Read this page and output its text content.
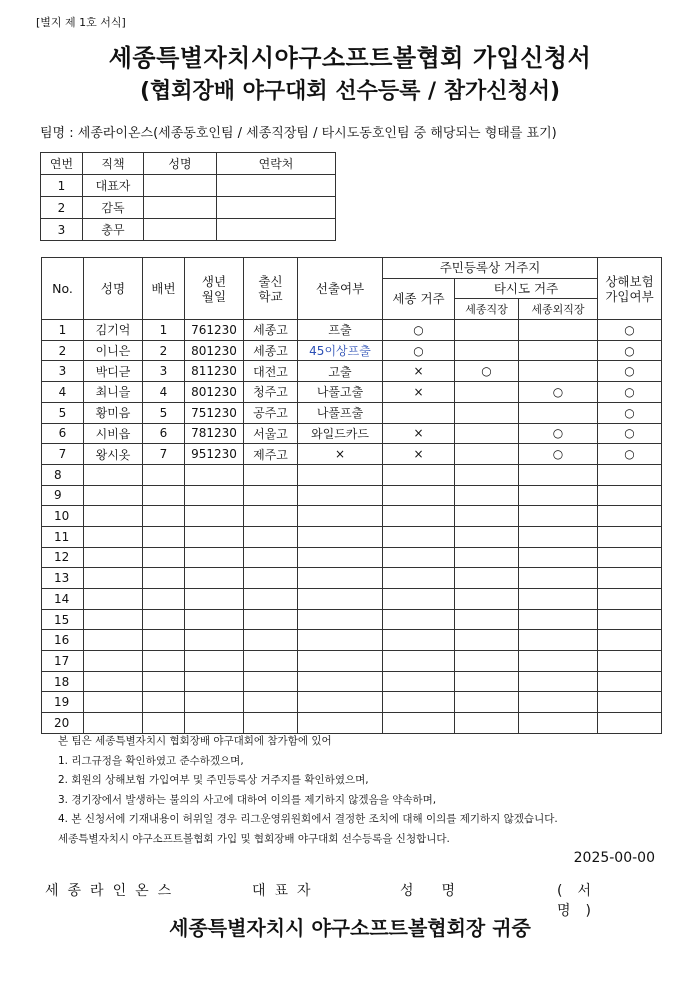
[별지 제 1호 서식]
세종특별자치시야구소프트볼협회 가입신청서
(협회장배 야구대회 선수등록 / 참가신청서)
팀명 : 세종라이온스(세종동호인팀 / 세종직장팀 / 타시도동호인팀 중 해당되는 형태를 표기)
연번	직책	성명	연락처
1	대표자		
2	감독		
3	총무		
No.	성명	배번	생년 월일	출신 학교	선출여부	주민등록상 거주지			상해보험 가입여부
						세종 거주	타시도 거주		
							세종직장	세종외직장	
1	김기억	1	761230	세종고	프출	○			○
2	이니은	2	801230	세종고	45이상프출	○			○
3	박디귿	3	811230	대전고	고출	×	○		○
4	최니을	4	801230	청주고	나풀고출	×		○	○
5	황미음	5	751230	공주고	나풀프출				○
6	시비읍	6	781230	서울고	와일드카드	×		○	○
7	왕시옷	7	951230	제주고	×	×		○	○
8									
9									
10									
11									
12									
13									
14									
15									
16									
17									
18									
19									
20									
본 팀은 세종특별자치시 협회장배 야구대회에 참가함에 있어
1. 리그규정을 확인하였고 준수하겠으며,
2. 회원의 상해보험 가입여부 및 주민등록상 거주지를 확인하였으며,
3. 경기장에서 발생하는 불의의 사고에 대하여 이의를 제기하지 않겠음을 약속하며,
4. 본 신청서에 기재내용이 허위일 경우 리그운영위원회에서 결정한 조치에 대해 이의를 제기하지 않겠습니다.
세종특별자치시 야구소프트볼협회 가입 및 협회장배 야구대회 선수등록을 신청합니다.
2025-00-00
세종라인온스	대표자	성명	(서 명)
세종특별자치시 야구소프트볼협회장 귀중
